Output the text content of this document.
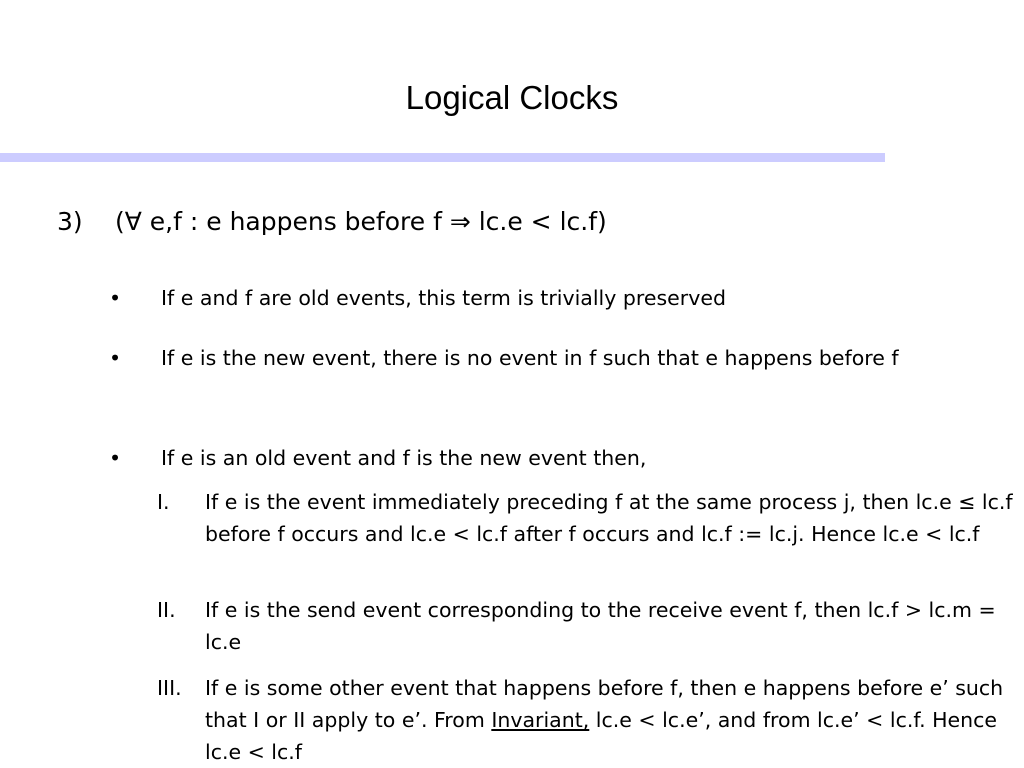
Logical Clocks
3) (∀ e,f : e happens before f ⇒ lc.e < lc.f)
• If e and f are old events, this term is trivially preserved
• If e is the new event, there is no event in f such that e happens before f
• If e is an old event and f is the new event then,
I. If e is the event immediately preceding f at the same process j, then lc.e ≤ lc.f before f occurs and lc.e < lc.f after f occurs and lc.f := lc.j. Hence lc.e < lc.f
II. If e is the send event corresponding to the receive event f, then lc.f > lc.m = lc.e
III. If e is some other event that happens before f, then e happens before e’ such that I or II apply to e’. From Invariant, lc.e < lc.e’, and from lc.e’ < lc.f. Hence lc.e < lc.f
